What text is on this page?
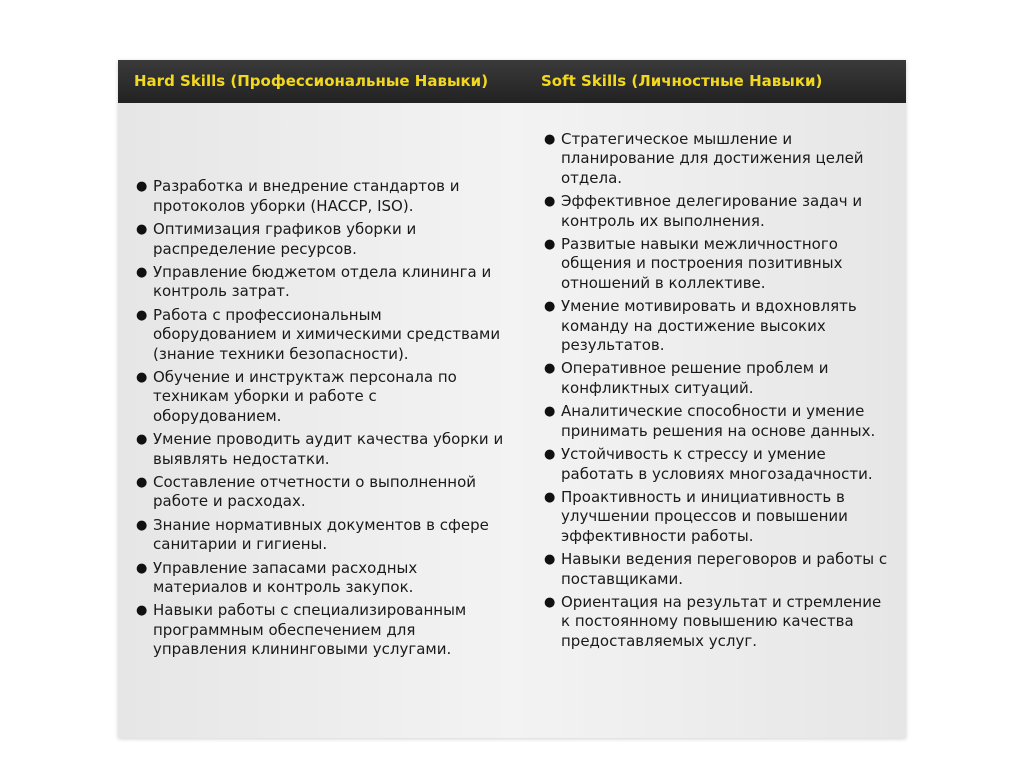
Hard Skills (Профессиональные Навыки)	Soft Skills (Личностные Навыки)
● Разработка и внедрение стандартов и протоколов уборки (HACCP, ISO).
● Оптимизация графиков уборки и распределение ресурсов.
● Управление бюджетом отдела клининга и контроль затрат.
● Работа с профессиональным оборудованием и химическими средствами (знание техники безопасности).
● Обучение и инструктаж персонала по техникам уборки и работе с оборудованием.
● Умение проводить аудит качества уборки и выявлять недостатки.
● Составление отчетности о выполненной работе и расходах.
● Знание нормативных документов в сфере санитарии и гигиены.
● Управление запасами расходных материалов и контроль закупок.
● Навыки работы с специализированным программным обеспечением для управления клининговыми услугами.
● Стратегическое мышление и планирование для достижения целей отдела.
● Эффективное делегирование задач и контроль их выполнения.
● Развитые навыки межличностного общения и построения позитивных отношений в коллективе.
● Умение мотивировать и вдохновлять команду на достижение высоких результатов.
● Оперативное решение проблем и конфликтных ситуаций.
● Аналитические способности и умение принимать решения на основе данных.
● Устойчивость к стрессу и умение работать в условиях многозадачности.
● Проактивность и инициативность в улучшении процессов и повышении эффективности работы.
● Навыки ведения переговоров и работы с поставщиками.
● Ориентация на результат и стремление к постоянному повышению качества предоставляемых услуг.
